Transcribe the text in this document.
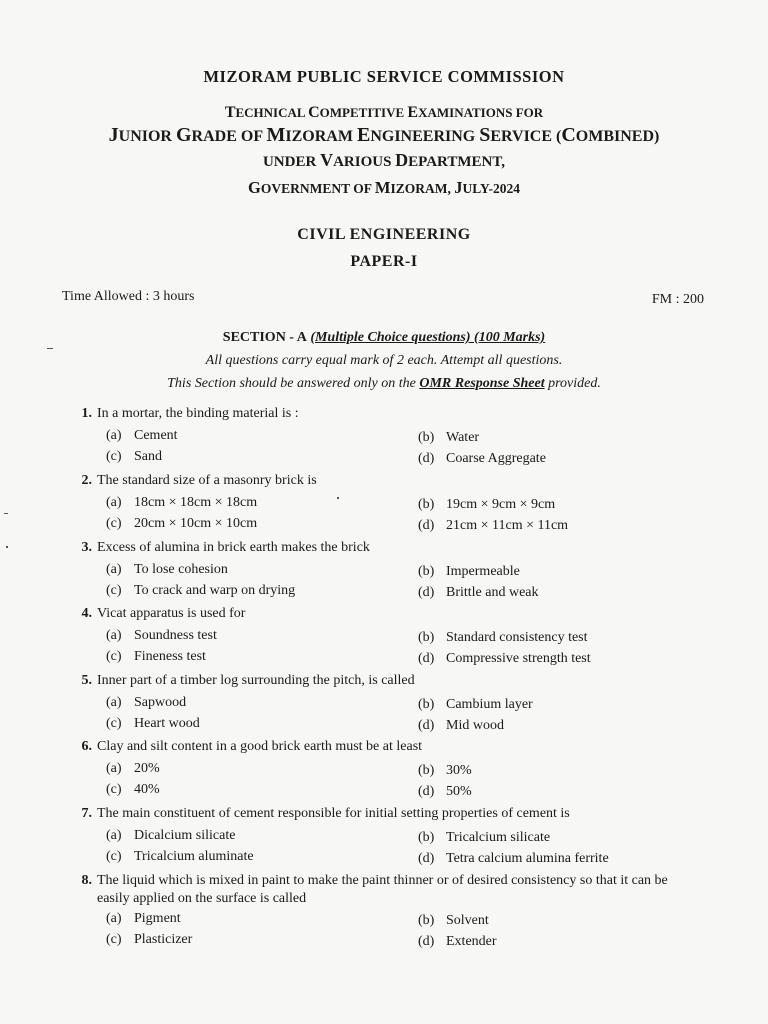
MIZORAM PUBLIC SERVICE COMMISSION
TECHNICAL COMPETITIVE EXAMINATIONS FOR
JUNIOR GRADE OF MIZORAM ENGINEERING SERVICE (COMBINED)
UNDER VARIOUS DEPARTMENT,
GOVERNMENT OF MIZORAM, JULY-2024
CIVIL ENGINEERING
PAPER-I
Time Allowed : 3 hours	FM : 200
SECTION - A (Multiple Choice questions) (100 Marks)
All questions carry equal mark of 2 each. Attempt all questions.
This Section should be answered only on the OMR Response Sheet provided.
1. In a mortar, the binding material is :
(a) Cement	(b) Water
(c) Sand	(d) Coarse Aggregate
2. The standard size of a masonry brick is
(a) 18cm × 18cm × 18cm	(b) 19cm × 9cm × 9cm
(c) 20cm × 10cm × 10cm	(d) 21cm × 11cm × 11cm
3. Excess of alumina in brick earth makes the brick
(a) To lose cohesion	(b) Impermeable
(c) To crack and warp on drying	(d) Brittle and weak
4. Vicat apparatus is used for
(a) Soundness test	(b) Standard consistency test
(c) Fineness test	(d) Compressive strength test
5. Inner part of a timber log surrounding the pitch, is called
(a) Sapwood	(b) Cambium layer
(c) Heart wood	(d) Mid wood
6. Clay and silt content in a good brick earth must be at least
(a) 20%	(b) 30%
(c) 40%	(d) 50%
7. The main constituent of cement responsible for initial setting properties of cement is
(a) Dicalcium silicate	(b) Tricalcium silicate
(c) Tricalcium aluminate	(d) Tetra calcium alumina ferrite
8. The liquid which is mixed in paint to make the paint thinner or of desired consistency so that it can be
easily applied on the surface is called
(a) Pigment	(b) Solvent
(c) Plasticizer	(d) Extender
